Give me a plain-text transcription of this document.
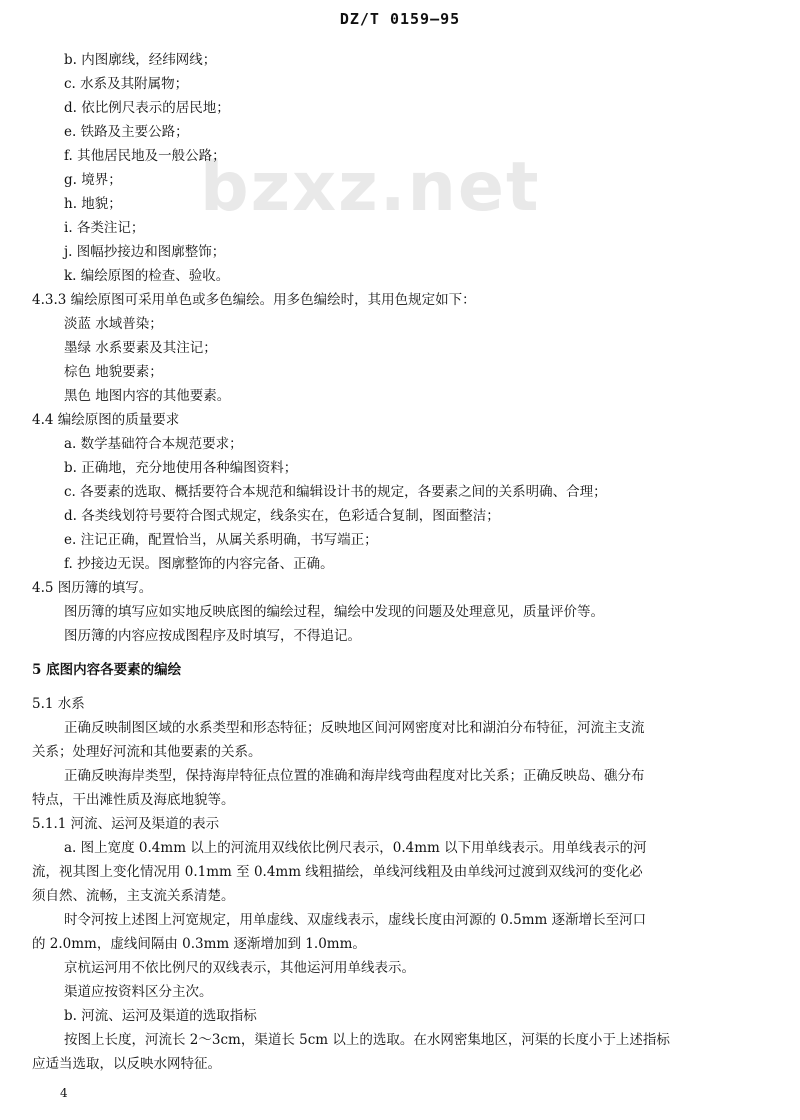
DZ/T 0159—95
bzxz.net
b. 内图廓线，经纬网线；
c. 水系及其附属物；
d. 依比例尺表示的居民地；
e. 铁路及主要公路；
f. 其他居民地及一般公路；
g. 境界；
h. 地貌；
i. 各类注记；
j. 图幅抄接边和图廓整饰；
k. 编绘原图的检查、验收。
4.3.3 编绘原图可采用单色或多色编绘。用多色编绘时，其用色规定如下：
淡蓝 水域普染；
墨绿 水系要素及其注记；
棕色 地貌要素；
黑色 地图内容的其他要素。
4.4 编绘原图的质量要求
a. 数学基础符合本规范要求；
b. 正确地，充分地使用各种编图资料；
c. 各要素的选取、概括要符合本规范和编辑设计书的规定，各要素之间的关系明确、合理；
d. 各类线划符号要符合图式规定，线条实在，色彩适合复制，图面整洁；
e. 注记正确，配置恰当，从属关系明确，书写端正；
f. 抄接边无误。图廓整饰的内容完备、正确。
4.5 图历簿的填写。
图历簿的填写应如实地反映底图的编绘过程，编绘中发现的问题及处理意见，质量评价等。
图历簿的内容应按成图程序及时填写，不得追记。
5 底图内容各要素的编绘
5.1 水系
正确反映制图区域的水系类型和形态特征；反映地区间河网密度对比和湖泊分布特征，河流主支流
关系；处理好河流和其他要素的关系。
正确反映海岸类型，保持海岸特征点位置的准确和海岸线弯曲程度对比关系；正确反映岛、礁分布
特点，干出滩性质及海底地貌等。
5.1.1 河流、运河及渠道的表示
a. 图上宽度 0.4mm 以上的河流用双线依比例尺表示，0.4mm 以下用单线表示。用单线表示的河
流，视其图上变化情况用 0.1mm 至 0.4mm 线粗描绘，单线河线粗及由单线河过渡到双线河的变化必
须自然、流畅，主支流关系清楚。
时令河按上述图上河宽规定，用单虚线、双虚线表示，虚线长度由河源的 0.5mm 逐渐增长至河口
的 2.0mm，虚线间隔由 0.3mm 逐渐增加到 1.0mm。
京杭运河用不依比例尺的双线表示，其他运河用单线表示。
渠道应按资料区分主次。
b. 河流、运河及渠道的选取指标
按图上长度，河流长 2～3cm，渠道长 5cm 以上的选取。在水网密集地区，河渠的长度小于上述指标
应适当选取，以反映水网特征。
4
